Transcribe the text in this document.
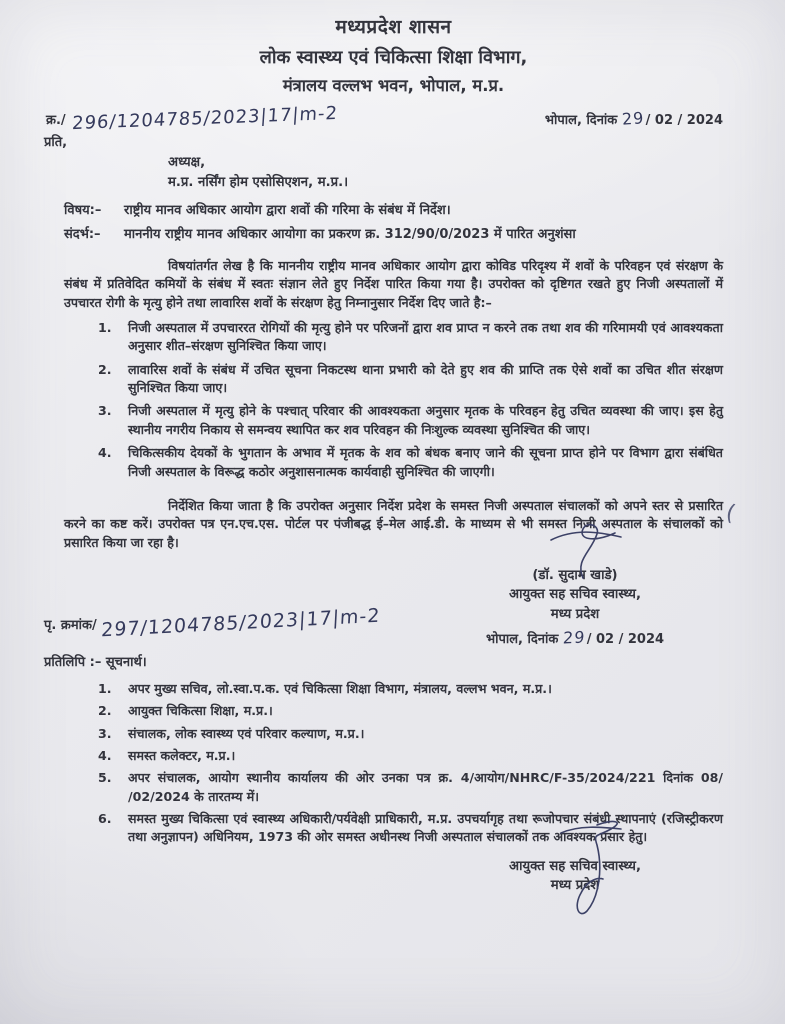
मध्यप्रदेश शासन
लोक स्वास्थ्य एवं चिकित्सा शिक्षा विभाग,
मंत्रालय वल्लभ भवन, भोपाल, म.प्र.
क्र./ 296/1204785/2023|17|m-2	भोपाल, दिनांक 29/ 02 / 2024
प्रति,
अध्यक्ष,
म.प्र. नर्सिंग होम एसोसिएशन, म.प्र.।
विषय:–	राष्ट्रीय मानव अधिकार आयोग द्वारा शवों की गरिमा के संबंध में निर्देश।
संदर्भ:–	माननीय राष्ट्रीय मानव अधिकार आयोगा का प्रकरण क्र. 312/90/0/2023 में पारित अनुशंसा

विषयांतर्गत लेख है कि माननीय राष्ट्रीय मानव अधिकार आयोग द्वारा कोविड परिदृश्य में शवों के परिवहन एवं संरक्षण के संबंध में प्रतिवेदित कमियों के संबंध में स्वतः संज्ञान लेते हुए निर्देश पारित किया गया है। उपरोक्त को दृष्टिगत रखते हुए निजी अस्पतालों में उपचारत रोगी के मृत्यु होने तथा लावारिस शवों के संरक्षण हेतु निम्नानुसार निर्देश दिए जाते है:–

1.	निजी अस्पताल में उपचाररत रोगियों की मृत्यु होने पर परिजनों द्वारा शव प्राप्त न करने तक तथा शव की गरिमामयी एवं आवश्यकता अनुसार शीत–संरक्षण सुनिश्चित किया जाए।
2.	लावारिस शवों के संबंध में उचित सूचना निकटस्थ थाना प्रभारी को देते हुए शव की प्राप्ति तक ऐसे शवों का उचित शीत संरक्षण सुनिश्चित किया जाए।
3.	निजी अस्पताल में मृत्यु होने के पश्चात् परिवार की आवश्यकता अनुसार मृतक के परिवहन हेतु उचित व्यवस्था की जाए। इस हेतु स्थानीय नगरीय निकाय से समन्वय स्थापित कर शव परिवहन की निःशुल्क व्यवस्था सुनिश्चित की जाए।
4.	चिकित्सकीय देयकों के भुगतान के अभाव में मृतक के शव को बंधक बनाए जाने की सूचना प्राप्त होने पर विभाग द्वारा संबंधित निजी अस्पताल के विरूद्ध कठोर अनुशासनात्मक कार्यवाही सुनिश्चित की जाएगी।

निर्देशित किया जाता है कि उपरोक्त अनुसार निर्देश प्रदेश के समस्त निजी अस्पताल संचालकों को अपने स्तर से प्रसारित करने का कष्ट करें। उपरोक्त पत्र एन.एच.एस. पोर्टल पर पंजीबद्ध ई–मेल आई.डी. के माध्यम से भी समस्त निजी अस्पताल के संचालकों को प्रसारित किया जा रहा है।

(
(डॉ. सुदाम खाडे)
आयुक्त सह सचिव स्वास्थ्य,
मध्य प्रदेश
भोपाल, दिनांक 29/ 02 / 2024
पृ. क्रमांक/ 297/1204785/2023|17|m-2
प्रतिलिपि :– सूचनार्थ।
1.	अपर मुख्य सचिव, लो.स्वा.प.क. एवं चिकित्सा शिक्षा विभाग, मंत्रालय, वल्लभ भवन, म.प्र.।
2.	आयुक्त चिकित्सा शिक्षा, म.प्र.।
3.	संचालक, लोक स्वास्थ्य एवं परिवार कल्याण, म.प्र.।
4.	समस्त कलेक्टर, म.प्र.।
5.	अपर संचालक, आयोग स्थानीय कार्यालय की ओर उनका पत्र क्र. 4/आयोग/NHRC/F-35/2024/221 दिनांक 08/ /02/2024 के तारतम्य में।
6.	समस्त मुख्य चिकित्सा एवं स्वास्थ्य अधिकारी/पर्यवेक्षी प्राधिकारी, म.प्र. उपचर्यागृह तथा रूजोपचार संबंधी स्थापनाएं (रजिस्ट्रीकरण तथा अनुज्ञापन) अधिनियम, 1973 की ओर समस्त अधीनस्थ निजी अस्पताल संचालकों तक आवश्यक प्रसार हेतु।
आयुक्त सह सचिव स्वास्थ्य,
मध्य प्रदेश
